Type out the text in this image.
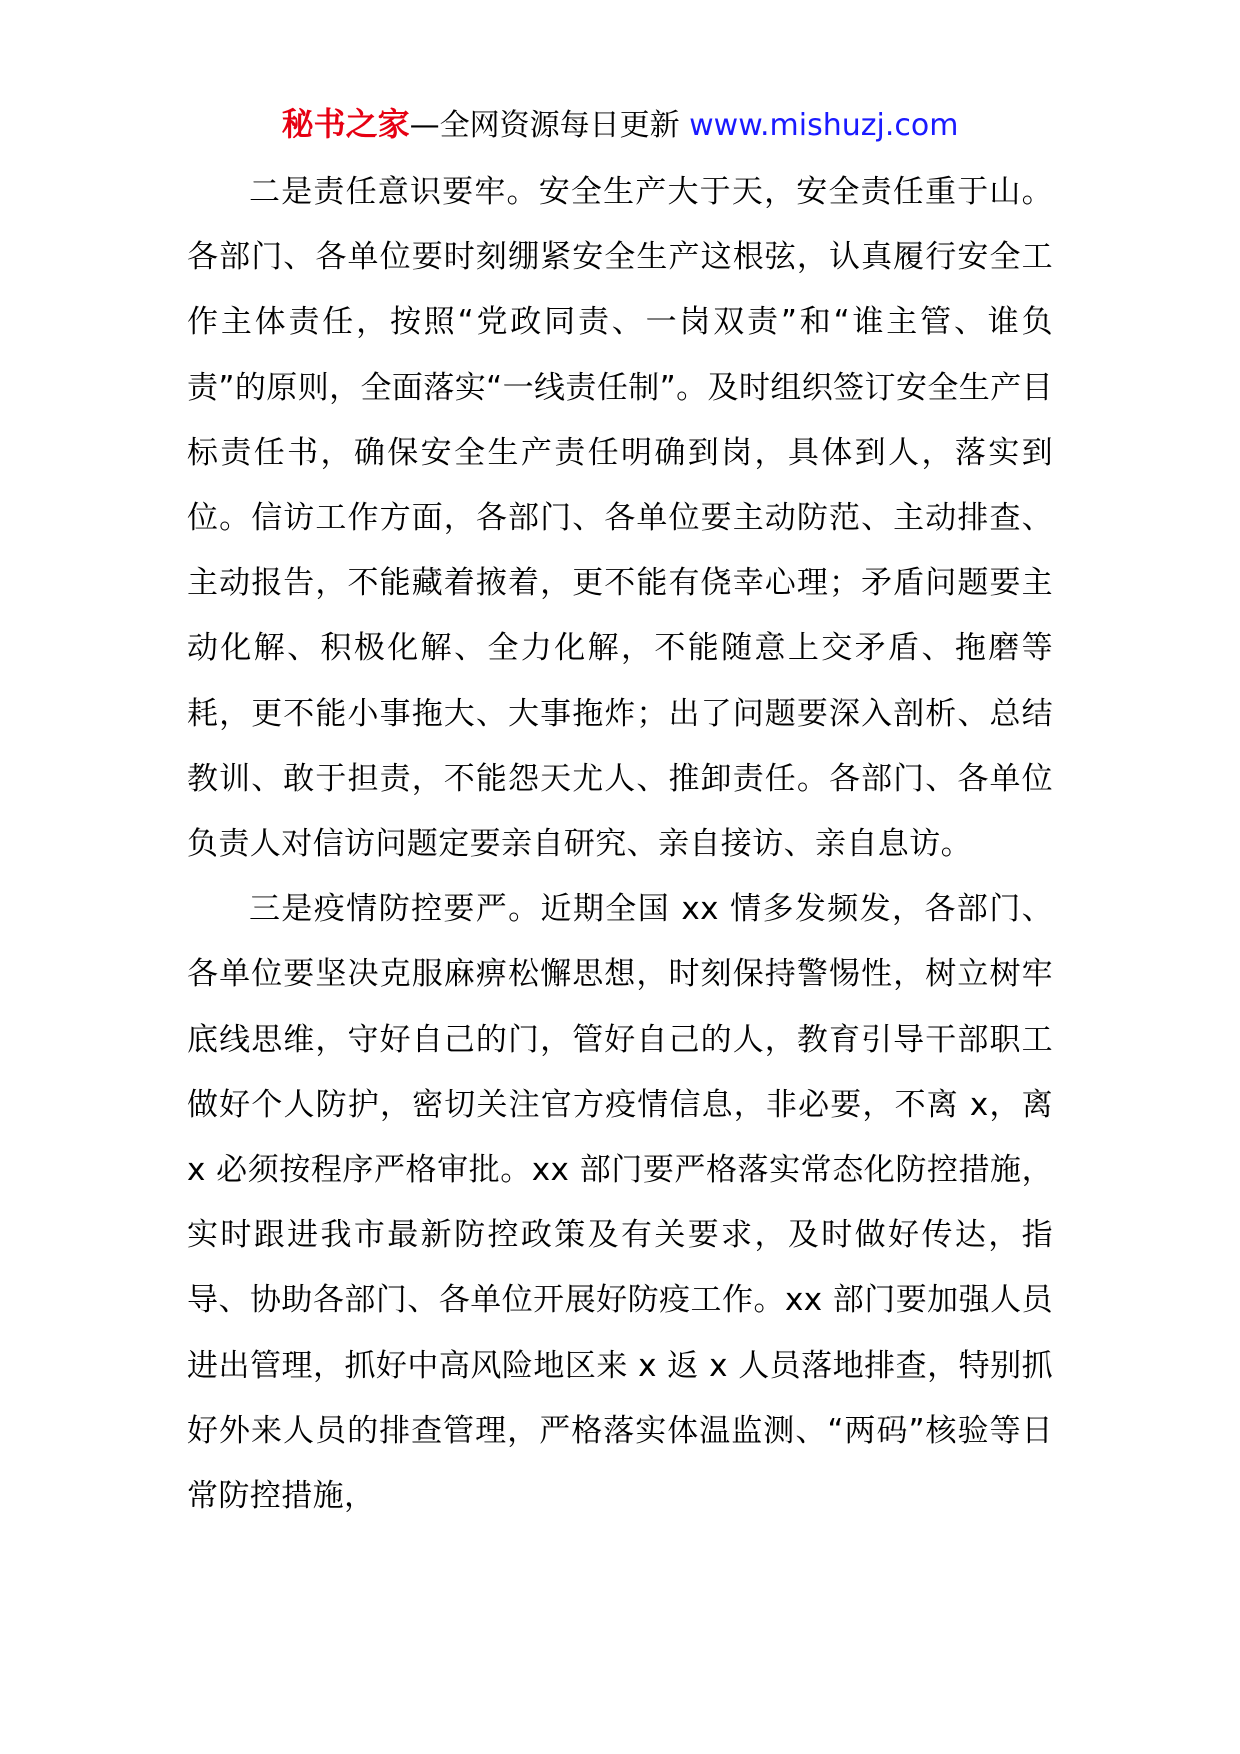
秘书之家—全网资源每日更新 www.mishuzj.com

二是责任意识要牢。安全生产大于天，安全责任重于山。各部门、各单位要时刻绷紧安全生产这根弦，认真履行安全工作主体责任，按照“党政同责、一岗双责”和“谁主管、谁负责”的原则，全面落实“一线责任制”。及时组织签订安全生产目标责任书，确保安全生产责任明确到岗，具体到人，落实到位。信访工作方面，各部门、各单位要主动防范、主动排查、主动报告，不能藏着掖着，更不能有侥幸心理；矛盾问题要主动化解、积极化解、全力化解，不能随意上交矛盾、拖磨等耗，更不能小事拖大、大事拖炸；出了问题要深入剖析、总结教训、敢于担责，不能怨天尤人、推卸责任。各部门、各单位负责人对信访问题定要亲自研究、亲自接访、亲自息访。

三是疫情防控要严。近期全国 xx 情多发频发，各部门、各单位要坚决克服麻痹松懈思想，时刻保持警惕性，树立树牢底线思维，守好自己的门，管好自己的人，教育引导干部职工做好个人防护，密切关注官方疫情信息，非必要，不离 x，离 x 必须按程序严格审批。xx 部门要严格落实常态化防控措施，实时跟进我市最新防控政策及有关要求，及时做好传达，指导、协助各部门、各单位开展好防疫工作。xx 部门要加强人员进出管理，抓好中高风险地区来 x 返 x 人员落地排查，特别抓好外来人员的排查管理，严格落实体温监测、“两码”核验等日常防控措施，
